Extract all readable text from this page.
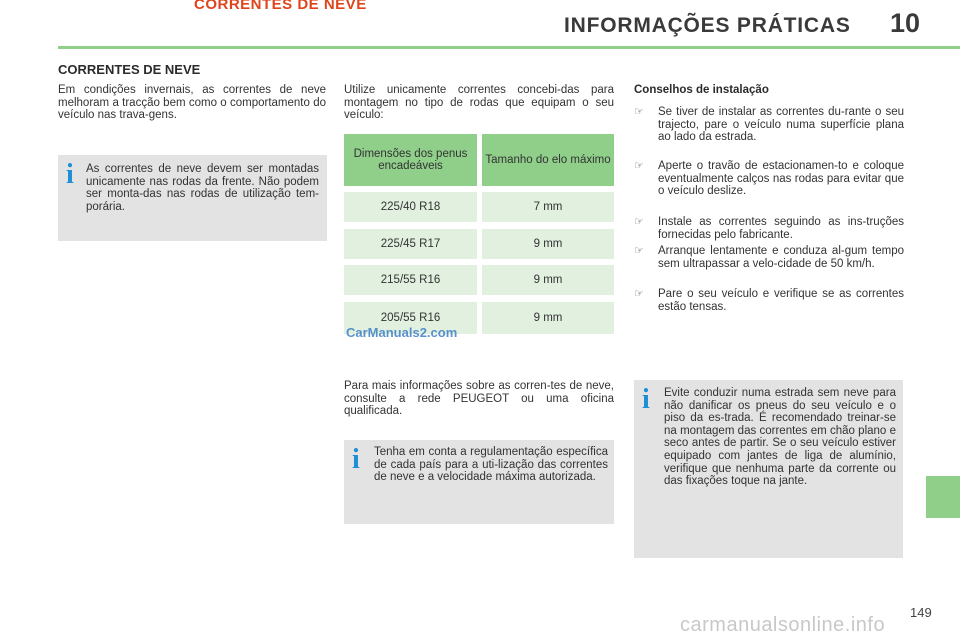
CORRENTES DE NEVE
INFORMAÇÕES PRÁTICAS 10
CORRENTES DE NEVE
Em condições invernais, as correntes de neve melhoram a tracção bem como o comportamento do veículo nas trava-gens.
i As correntes de neve devem ser montadas unicamente nas rodas da frente. Não podem ser monta-das nas rodas de utilização tem-porária.
Utilize unicamente correntes concebi-das para montagem no tipo de rodas que equipam o seu veículo:
Dimensões dos penus encadeáveis
Tamanho do elo máximo
225/40 R18	7 mm
225/45 R17	9 mm
215/55 R16	9 mm
205/55 R16	9 mm
CarManuals2.com
Para mais informações sobre as corren-tes de neve, consulte a rede PEUGEOT ou uma oficina qualificada.
i Tenha em conta a regulamentação específica de cada país para a uti-lização das correntes de neve e a velocidade máxima autorizada.
Conselhos de instalação
☞ Se tiver de instalar as correntes du-rante o seu trajecto, pare o veículo numa superfície plana ao lado da estrada.
☞ Aperte o travão de estacionamen-to e coloque eventualmente calços nas rodas para evitar que o veículo deslize.
☞ Instale as correntes seguindo as ins-truções fornecidas pelo fabricante.
☞ Arranque lentamente e conduza al-gum tempo sem ultrapassar a velo-cidade de 50 km/h.
☞ Pare o seu veículo e verifique se as correntes estão tensas.
i Evite conduzir numa estrada sem neve para não danificar os pneus do seu veículo e o piso da es-trada. É recomendado treinar-se na montagem das correntes em chão plano e seco antes de partir. Se o seu veículo estiver equipado com jantes de liga de alumínio, verifique que nenhuma parte da corrente ou das fixações toque na jante.
149
carmanualsonline.info
